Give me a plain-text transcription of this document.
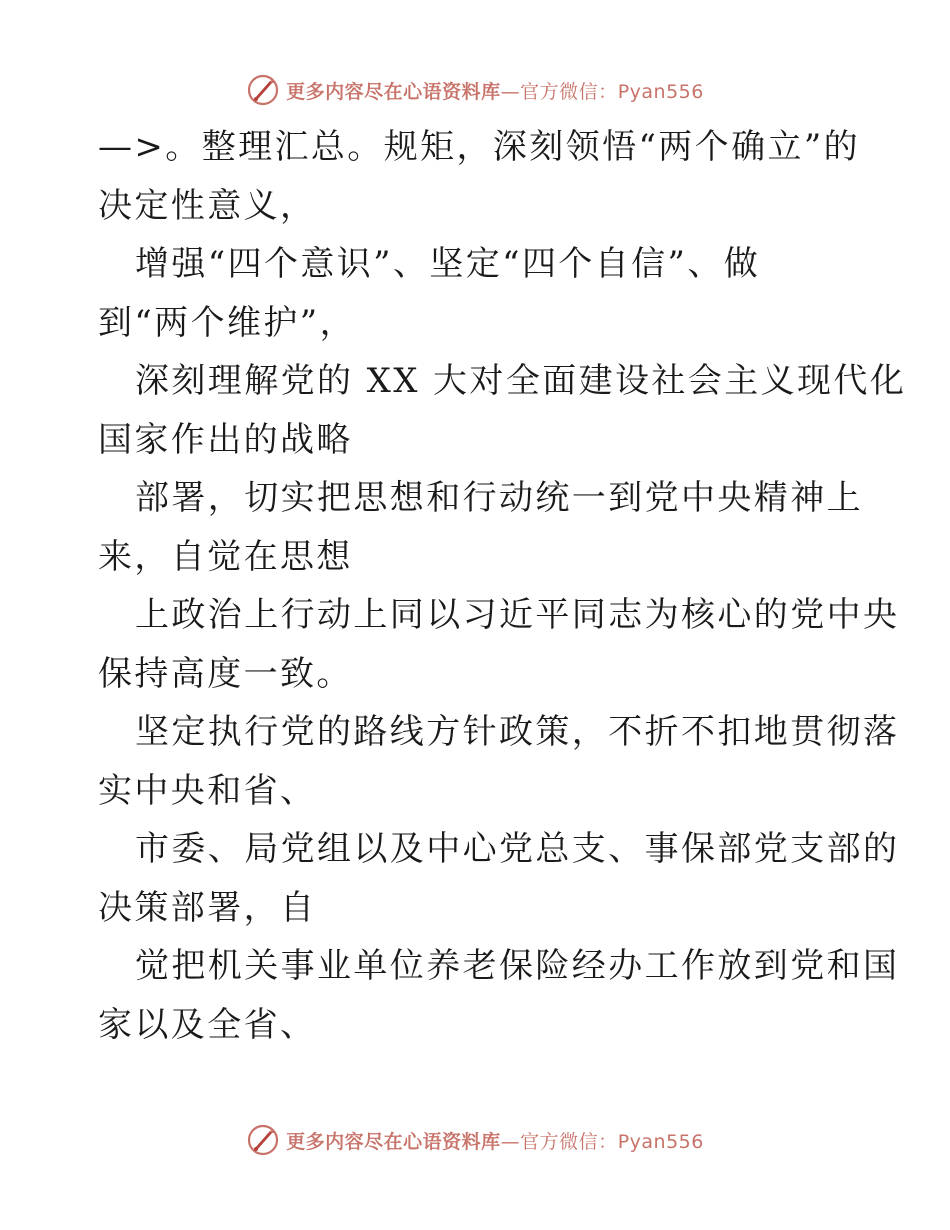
更多内容尽在心语资料库—官方微信：Pyan556
—>。整理汇总。规矩，深刻领悟“两个确立”的
决定性意义，
增强“四个意识”、坚定“四个自信”、做
到“两个维护”，
深刻理解党的 XX 大对全面建设社会主义现代化
国家作出的战略
部署，切实把思想和行动统一到党中央精神上
来，自觉在思想
上政治上行动上同以习近平同志为核心的党中央
保持高度一致。
坚定执行党的路线方针政策，不折不扣地贯彻落
实中央和省、
市委、局党组以及中心党总支、事保部党支部的
决策部署，自
觉把机关事业单位养老保险经办工作放到党和国
家以及全省、
更多内容尽在心语资料库—官方微信：Pyan556
